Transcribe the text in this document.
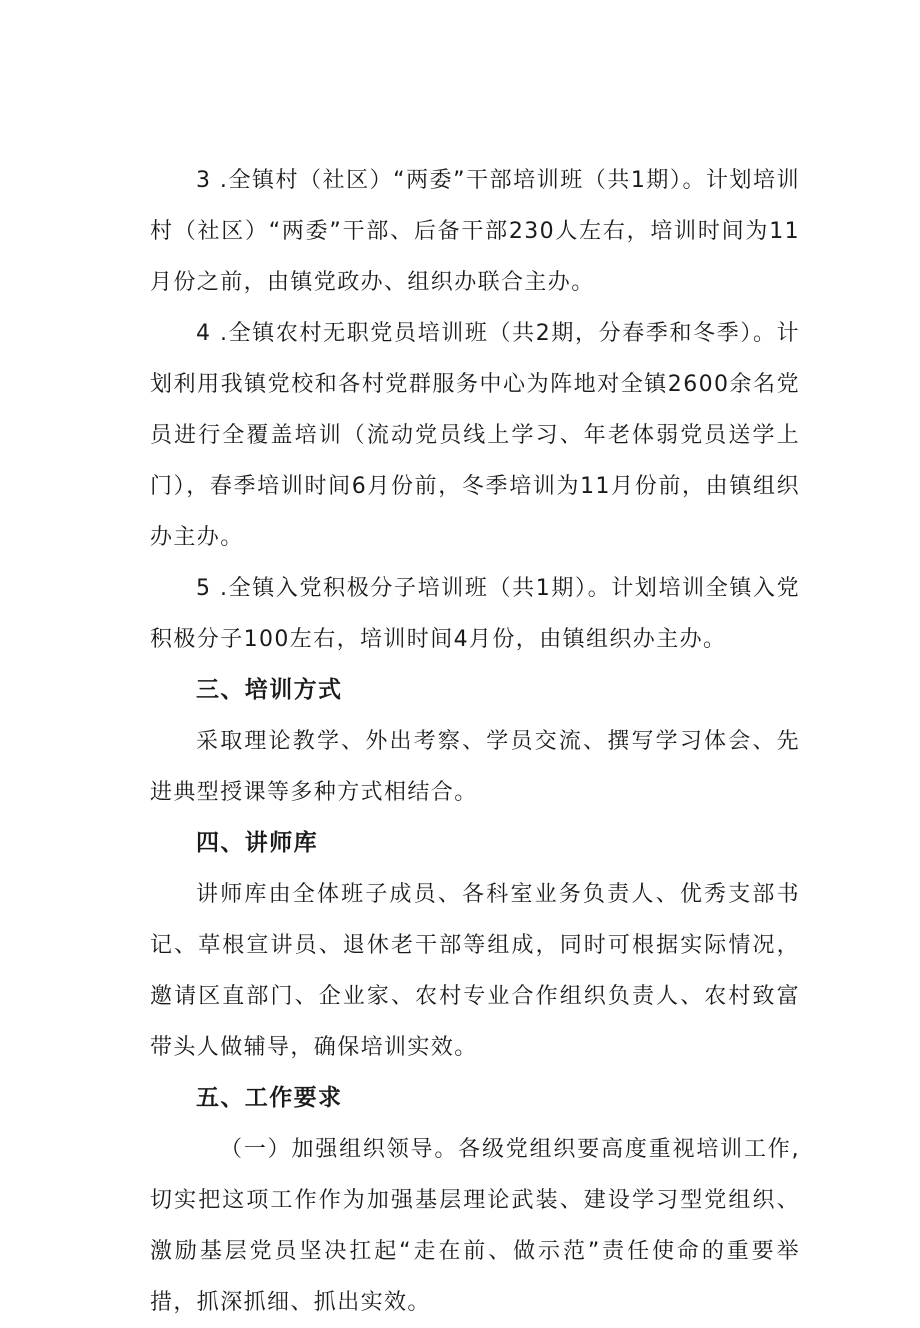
3 .全镇村（社区）“两委”干部培训班（共1期）。计划培训村（社区）“两委”干部、后备干部230人左右，培训时间为11月份之前，由镇党政办、组织办联合主办。

4 .全镇农村无职党员培训班（共2期，分春季和冬季）。计划利用我镇党校和各村党群服务中心为阵地对全镇2600余名党员进行全覆盖培训（流动党员线上学习、年老体弱党员送学上门），春季培训时间6月份前，冬季培训为11月份前，由镇组织办主办。

5 .全镇入党积极分子培训班（共1期）。计划培训全镇入党积极分子100左右，培训时间4月份，由镇组织办主办。

三、培训方式

采取理论教学、外出考察、学员交流、撰写学习体会、先进典型授课等多种方式相结合。

四、讲师库

讲师库由全体班子成员、各科室业务负责人、优秀支部书记、草根宣讲员、退休老干部等组成，同时可根据实际情况，邀请区直部门、企业家、农村专业合作组织负责人、农村致富带头人做辅导，确保培训实效。

五、工作要求

（一）加强组织领导。各级党组织要高度重视培训工作,切实把这项工作作为加强基层理论武装、建设学习型党组织、激励基层党员坚决扛起“走在前、做示范”责任使命的重要举措，抓深抓细、抓出实效。
